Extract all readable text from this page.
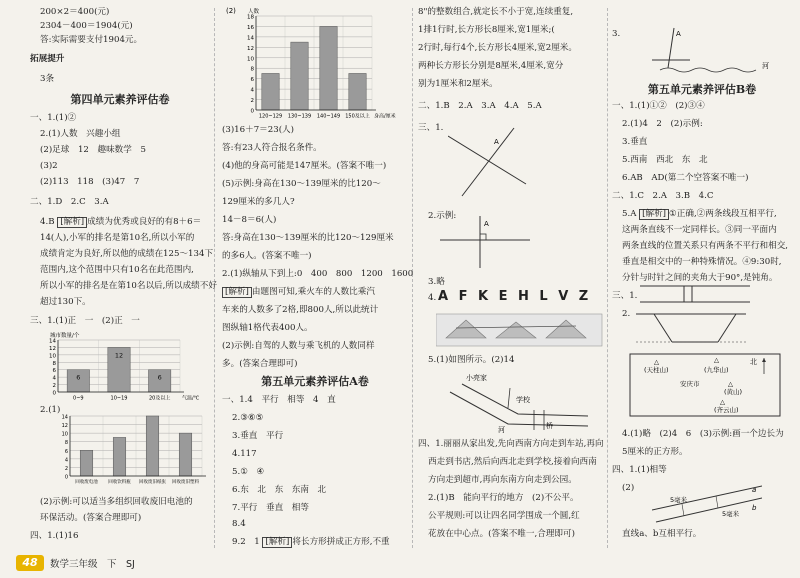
200×2＝400(元)
2304－400＝1904(元)
答:实际需要支付1904元。
拓展提升
3条
第四单元素养评估卷
一、1.(1)②
2.(1)人数　兴趣小组
(2)足球　12　趣味数学　5
(3)2
(2)113　118　(3)47　7
二、1.D　2.C　3.A
4.B [解析] 成绩为优秀或良好的有8＋6＝
14(人),小军的排名是第10名,所以小军的
成绩肯定为良好,所以他的成绩在125～134下
范围内,这个范围中只有10名在此范围内,
所以小军的排名是在第10名以后,所以成绩不好
超过130下。
三、1.(1)正　一　(2)正　一
14
12
10
8
6
4
2
0
6
0~9
12
10~19
6
20及以上
城市数量/个
气温/℃
2.(1)
14
12
10
8
6
4
2
0
回收废电池 回收饮料瓶 回收废旧纸张 回收废旧塑料
(2)示例:可以适当多组织回收废旧电池的
环保活动。(答案合理即可)
四、1.(1)16
18
16
14
12
10
8
6
4
2
0
120~129 130~139 140~149 150及以上
人数
身高/厘米
(2)
(3)16＋7＝23(人)
答:有23人符合报名条件。
(4)他的身高可能是147厘米。(答案不唯一)
(5)示例:身高在130～139厘米的比120～
129厘米的多几人?
14－8＝6(人)
答:身高在130～139厘米的比120～129厘米
的多6人。(答案不唯一)
2.(1)纵轴从下到上:0　400　800　1200　1600
[解析] 由题图可知,乘火车的人数比乘汽
车来的人数多了2格,即800人,所以此统计
图纵轴1格代表400人。
(2)示例:自驾的人数与乘飞机的人数同样
多。(答案合理即可)
第五单元素养评估A卷
一、1.4　平行　相等　4　直
2.③⑥⑤
3.垂直　平行
4.117
5.①　④
6.东　北　东　东南　北
7.平行　垂直　相等
8.4
9.2　1 [解析] 将长方形拼成正方形,不重
8"的整数组合,就定长不小于宽,连续重复,
1排1行时,长方形长8厘米,宽1厘米;(
2行时,每行4个,长方形长4厘米,宽2厘米。
两种长方形长分别是8厘米,4厘米,宽分
别为1厘米和2厘米。
二、1.B　2.A　3.A　4.A　5.A
三、1.
A
2.示例:
A
3.略
4. A F K E H L V Z
5.(1)如图所示。(2)14
小亮家
学校
河	桥
四、1.丽丽从家出发,先向西南方向走到车站,再向
西走到书店,然后向西北走到学校,接着向西南
方向走到超市,再向东南方向走到公园。
2.(1)B　能向平行的地方　(2)不公平。
公平规则:可以让四名同学围成一个圆,红
花放在中心点。(答案不唯一,合理即可)
3.	A
河
第五单元素养评估B卷
一、1.(1)①②　(2)③④
2.(1)4　2　(2)示例:
3.垂直
5.西南　西北　东　北
6.AB　AD(第二个空答案不唯一)
二、1.C　2.A　3.B　4.C
5.A [解析] ①正确,②两条线段互相平行,
这两条直线不一定同样长。③同一平面内
两条直线的位置关系只有两条不平行和相交,
垂直是相交中的一种特殊情况。④9:30时,
分针与时针之间的夹角大于90°,是钝角。
三、1.
2.
北
△
(天柱山)
安庆市
△
(九华山)
△
(黄山)
△
(齐云山)
4.(1)略　(2)4　6　(3)示例:画一个边长为
5厘米的正方形。
四、1.(1)相等
(2)
5毫米
5毫米
a
b
直线a、b互相平行。
48	数学三年级　下　SJ
